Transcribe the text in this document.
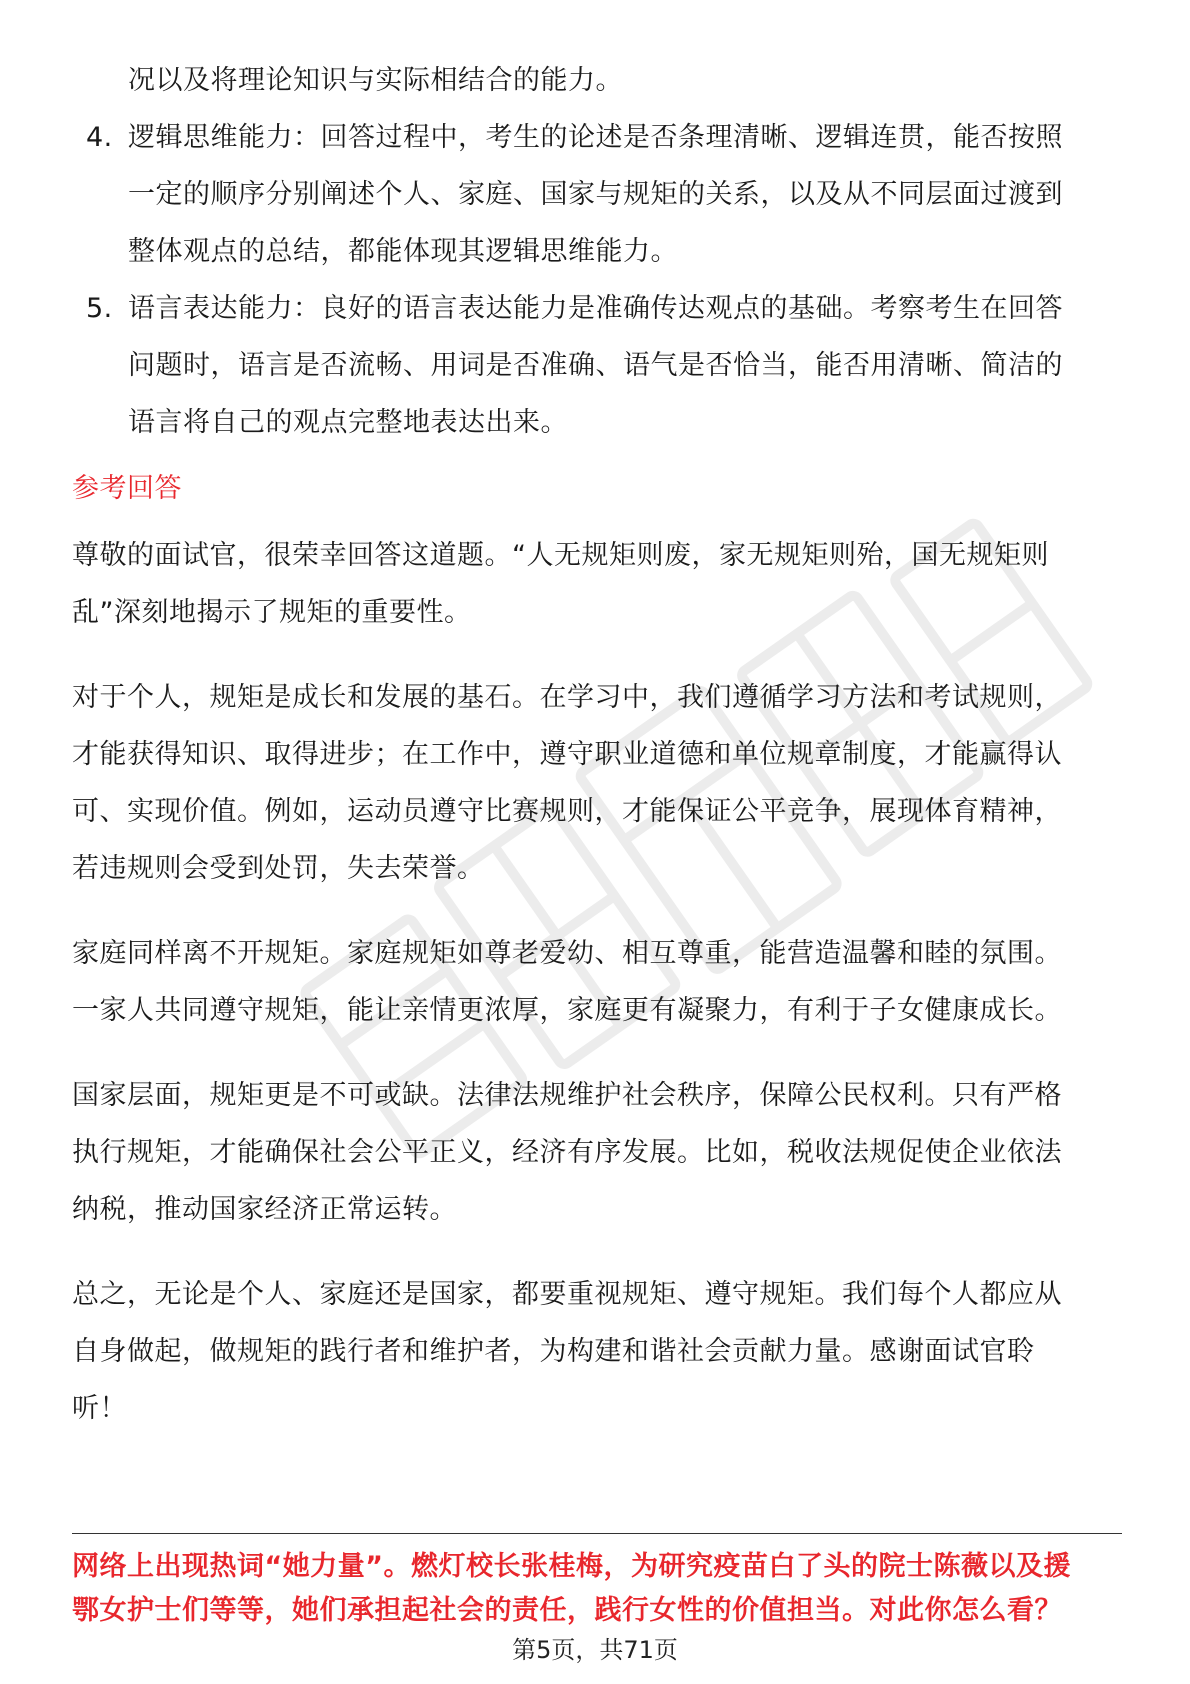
况以及将理论知识与实际相结合的能力。
4. 逻辑思维能力：回答过程中，考生的论述是否条理清晰、逻辑连贯，能否按照
一定的顺序分别阐述个人、家庭、国家与规矩的关系，以及从不同层面过渡到
整体观点的总结，都能体现其逻辑思维能力。
5. 语言表达能力：良好的语言表达能力是准确传达观点的基础。考察考生在回答
问题时，语言是否流畅、用词是否准确、语气是否恰当，能否用清晰、简洁的
语言将自己的观点完整地表达出来。
参考回答
尊敬的面试官，很荣幸回答这道题。“人无规矩则废，家无规矩则殆，国无规矩则
乱”深刻地揭示了规矩的重要性。
对于个人，规矩是成长和发展的基石。在学习中，我们遵循学习方法和考试规则，
才能获得知识、取得进步；在工作中，遵守职业道德和单位规章制度，才能赢得认
可、实现价值。例如，运动员遵守比赛规则，才能保证公平竞争，展现体育精神，
若违规则会受到处罚，失去荣誉。
家庭同样离不开规矩。家庭规矩如尊老爱幼、相互尊重，能营造温馨和睦的氛围。
一家人共同遵守规矩，能让亲情更浓厚，家庭更有凝聚力，有利于子女健康成长。
国家层面，规矩更是不可或缺。法律法规维护社会秩序，保障公民权利。只有严格
执行规矩，才能确保社会公平正义，经济有序发展。比如，税收法规促使企业依法
纳税，推动国家经济正常运转。
总之，无论是个人、家庭还是国家，都要重视规矩、遵守规矩。我们每个人都应从
自身做起，做规矩的践行者和维护者，为构建和谐社会贡献力量。感谢面试官聆
听！
网络上出现热词“她力量”。燃灯校长张桂梅，为研究疫苗白了头的院士陈薇以及援
鄂女护士们等等，她们承担起社会的责任，践行女性的价值担当。对此你怎么看？
第5页，共71页
